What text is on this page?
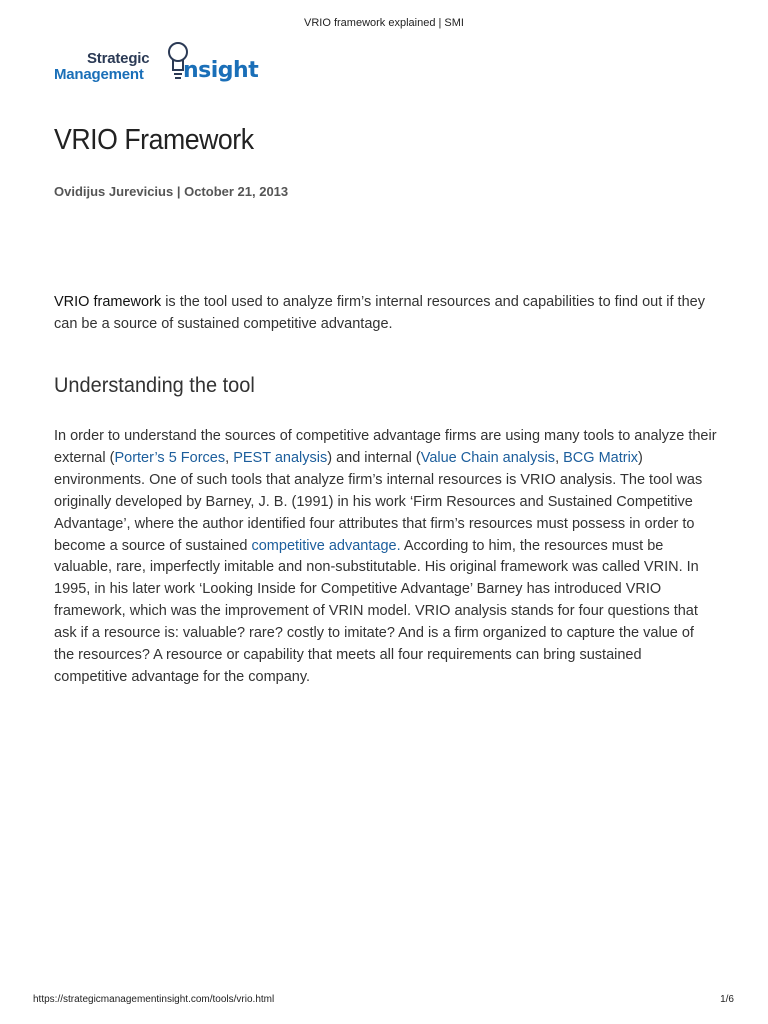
VRIO framework explained | SMI
Strategic
Management nsight
VRIO Framework
Ovidijus Jurevicius | October 21, 2013

VRIO framework is the tool used to analyze firm’s internal resources and capabilities to find out if they can be a source of sustained competitive advantage.

Understanding the tool

In order to understand the sources of competitive advantage firms are using many tools to analyze their external (Porter’s 5 Forces, PEST analysis) and internal (Value Chain analysis, BCG Matrix) environments. One of such tools that analyze firm’s internal resources is VRIO analysis. The tool was originally developed by Barney, J. B. (1991) in his work ‘Firm Resources and Sustained Competitive Advantage’, where the author identified four attributes that firm’s resources must possess in order to become a source of sustained competitive advantage. According to him, the resources must be valuable, rare, imperfectly imitable and non-substitutable. His original framework was called VRIN. In 1995, in his later work ‘Looking Inside for Competitive Advantage’ Barney has introduced VRIO framework, which was the improvement of VRIN model. VRIO analysis stands for four questions that ask if a resource is: valuable? rare? costly to imitate? And is a firm organized to capture the value of the resources? A resource or capability that meets all four requirements can bring sustained competitive advantage for the company.

https://strategicmanagementinsight.com/tools/vrio.html	1/6
